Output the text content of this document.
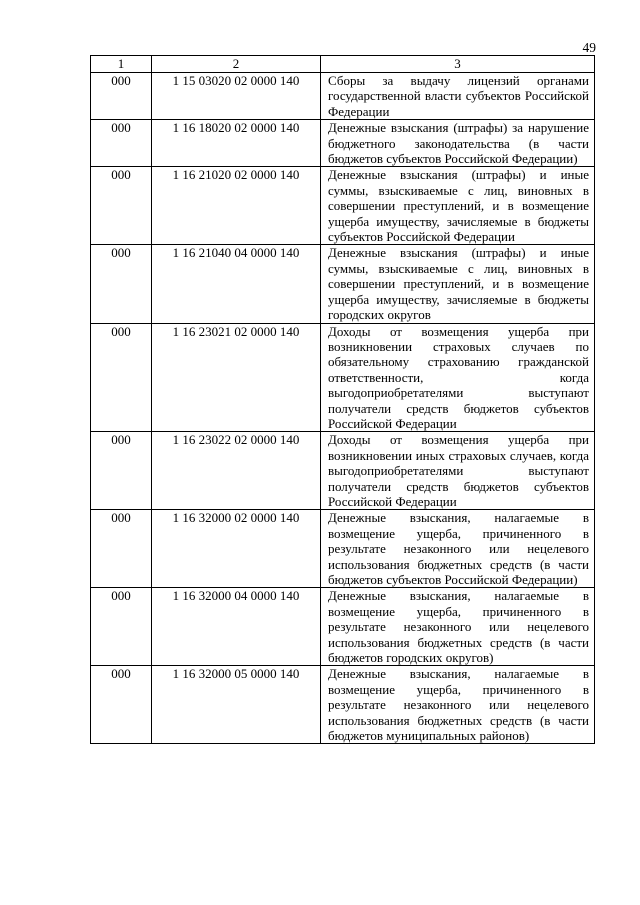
49
1	2	3
000	1 15 03020 02 0000 140	Сборы за выдачу лицензий органами государственной власти субъектов Российской Федерации
000	1 16 18020 02 0000 140	Денежные взыскания (штрафы) за нарушение бюджетного законодательства (в части бюджетов субъектов Российской Федерации)
000	1 16 21020 02 0000 140	Денежные взыскания (штрафы) и иные суммы, взыскиваемые с лиц, виновных в совершении преступлений, и в возмещение ущерба имуществу, зачисляемые в бюджеты субъектов Российской Федерации
000	1 16 21040 04 0000 140	Денежные взыскания (штрафы) и иные суммы, взыскиваемые с лиц, виновных в совершении преступлений, и в возмещение ущерба имуществу, зачисляемые в бюджеты городских округов
000	1 16 23021 02 0000 140	Доходы от возмещения ущерба при возникновении страховых случаев по обязательному страхованию гражданской ответственности, когда выгодоприобретателями выступают получатели средств бюджетов субъектов Российской Федерации
000	1 16 23022 02 0000 140	Доходы от возмещения ущерба при возникновении иных страховых случаев, когда выгодоприобретателями выступают получатели средств бюджетов субъектов Российской Федерации
000	1 16 32000 02 0000 140	Денежные взыскания, налагаемые в возмещение ущерба, причиненного в результате незаконного или нецелевого использования бюджетных средств (в части бюджетов субъектов Российской Федерации)
000	1 16 32000 04 0000 140	Денежные взыскания, налагаемые в возмещение ущерба, причиненного в результате незаконного или нецелевого использования бюджетных средств (в части бюджетов городских округов)
000	1 16 32000 05 0000 140	Денежные взыскания, налагаемые в возмещение ущерба, причиненного в результате незаконного или нецелевого использования бюджетных средств (в части бюджетов муниципальных районов)
